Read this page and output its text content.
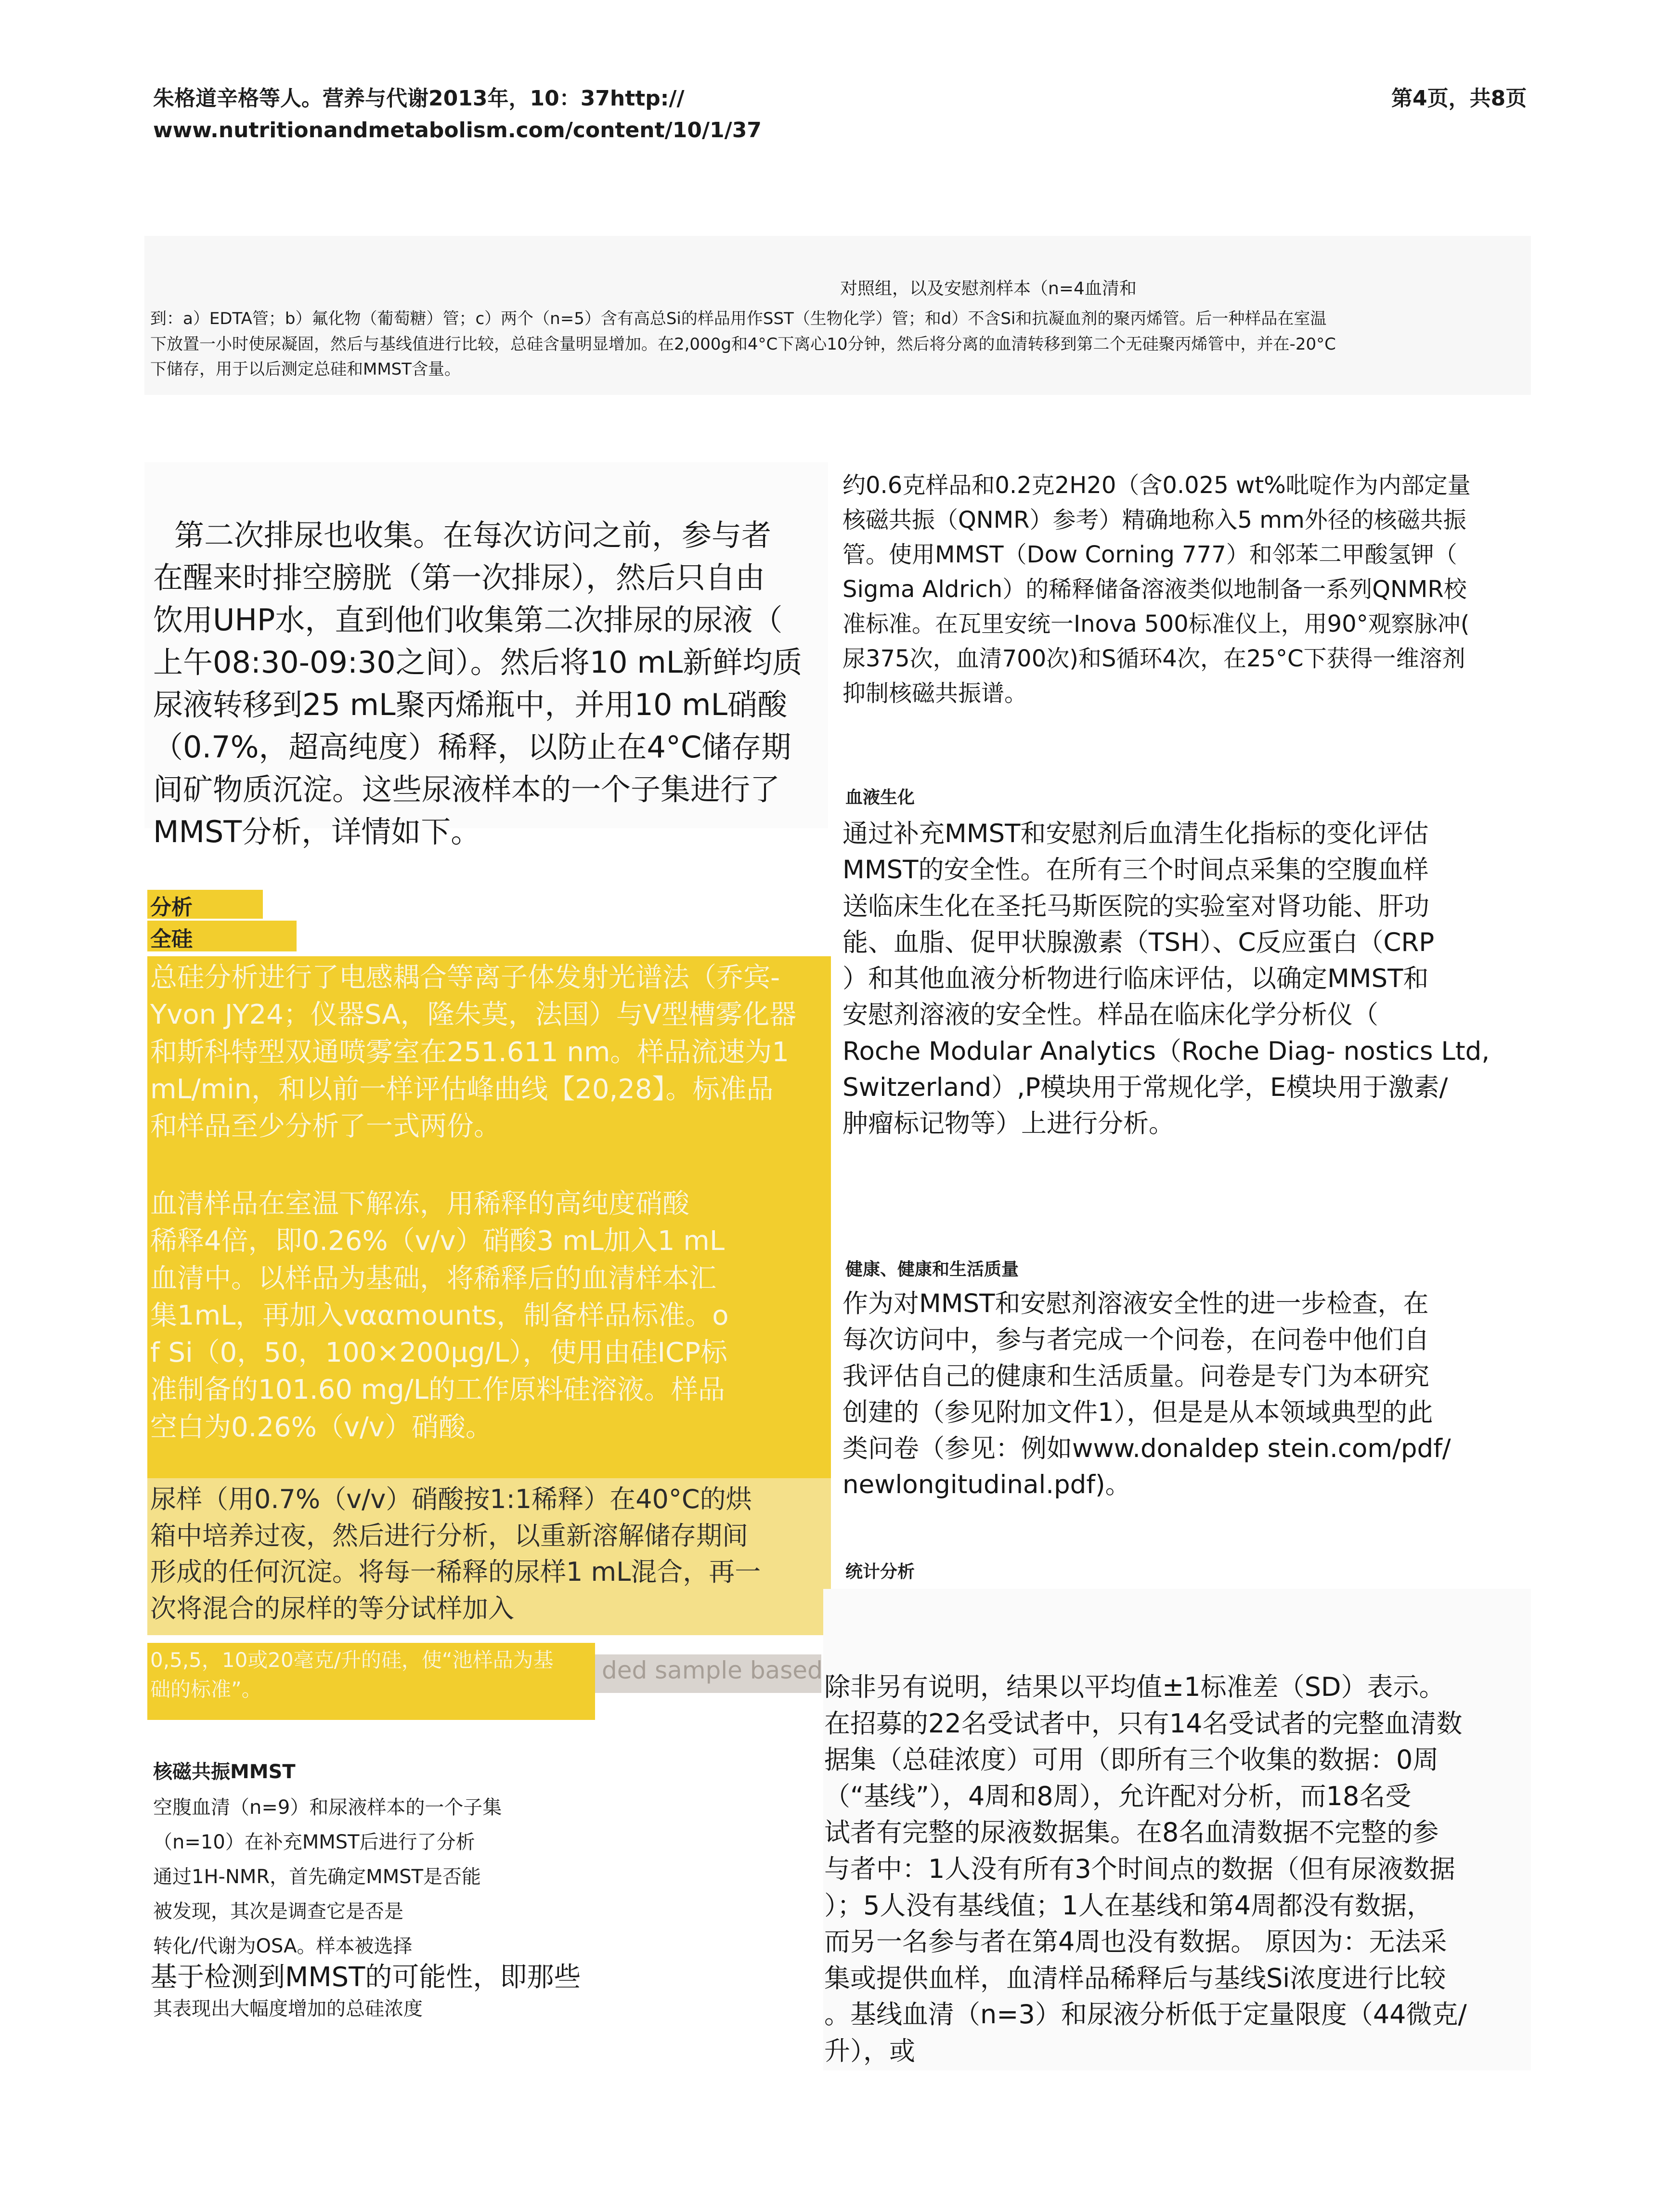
朱格道辛格等人。营养与代谢2013年，10：37http://
www.nutritionandmetabolism.com/content/10/1/37
第4页，共8页
对照组，以及安慰剂样本（n=4血清和
到：a）EDTA管；b）氟化物（葡萄糖）管；c）两个（n=5）含有高总Si的样品用作SST（生物化学）管；和d）不含Si和抗凝血剂的聚丙烯管。后一种样品在室温
下放置一小时使尿凝固，然后与基线值进行比较，总硅含量明显增加。在2,000g和4°C下离心10分钟，然后将分离的血清转移到第二个无硅聚丙烯管中，并在-20°C
下储存，用于以后测定总硅和MMST含量。
第二次排尿也收集。在每次访问之前，参与者
在醒来时排空膀胱（第一次排尿），然后只自由
饮用UHP水，直到他们收集第二次排尿的尿液（
上午08:30-09:30之间）。然后将10 mL新鲜均质
尿液转移到25 mL聚丙烯瓶中，并用10 mL硝酸
（0.7%，超高纯度）稀释，以防止在4°C储存期
间矿物质沉淀。这些尿液样本的一个子集进行了
MMST分析，详情如下。
分析
全硅
总硅分析进行了电感耦合等离子体发射光谱法（乔宾-
Yvon JY24；仪器SA，隆朱莫，法国）与V型槽雾化器
和斯科特型双通喷雾室在251.611 nm。样品流速为1
mL/min，和以前一样评估峰曲线【20,28】。标准品
和样品至少分析了一式两份。
血清样品在室温下解冻，用稀释的高纯度硝酸
稀释4倍，即0.26%（v/v）硝酸3 mL加入1 mL
血清中。以样品为基础，将稀释后的血清样本汇
集1mL，再加入vααmounts，制备样品标准。o
f Si（0，50，100×200μg/L），使用由硅ICP标
准制备的101.60 mg/L的工作原料硅溶液。样品
空白为0.26%（v/v）硝酸。
尿样（用0.7%（v/v）硝酸按1:1稀释）在40°C的烘
箱中培养过夜，然后进行分析，以重新溶解储存期间
形成的任何沉淀。将每一稀释的尿样1 mL混合，再一
次将混合的尿样的等分试样加入
ded sample based
0,5,5，10或20毫克/升的硅，使“池样品为基
础的标准”。
核磁共振MMST
空腹血清（n=9）和尿液样本的一个子集
（n=10）在补充MMST后进行了分析
通过1H-NMR，首先确定MMST是否能
被发现，其次是调查它是否是
转化/代谢为OSA。样本被选择
基于检测到MMST的可能性，即那些
其表现出大幅度增加的总硅浓度
约0.6克样品和0.2克2H20（含0.025 wt%吡啶作为内部定量
核磁共振（QNMR）参考）精确地称入5 mm外径的核磁共振
管。使用MMST（Dow Corning 777）和邻苯二甲酸氢钾（
Sigma Aldrich）的稀释储备溶液类似地制备一系列QNMR校
准标准。在瓦里安统一Inova 500标准仪上，用90°观察脉冲(
尿375次，血清700次)和S循环4次，在25°C下获得一维溶剂
抑制核磁共振谱。
血液生化
通过补充MMST和安慰剂后血清生化指标的变化评估
MMST的安全性。在所有三个时间点采集的空腹血样
送临床生化在圣托马斯医院的实验室对肾功能、肝功
能、血脂、促甲状腺激素（TSH）、C反应蛋白（CRP
）和其他血液分析物进行临床评估，以确定MMST和
安慰剂溶液的安全性。样品在临床化学分析仪（
Roche Modular Analytics（Roche Diag- nostics Ltd,
Switzerland）,P模块用于常规化学，E模块用于激素/
肿瘤标记物等）上进行分析。
健康、健康和生活质量
作为对MMST和安慰剂溶液安全性的进一步检查，在
每次访问中，参与者完成一个问卷，在问卷中他们自
我评估自己的健康和生活质量。问卷是专门为本研究
创建的（参见附加文件1），但是是从本领域典型的此
类问卷（参见：例如www.donaldep stein.com/pdf/
newlongitudinal.pdf)。
统计分析
除非另有说明，结果以平均值±1标准差（SD）表示。
在招募的22名受试者中，只有14名受试者的完整血清数
据集（总硅浓度）可用（即所有三个收集的数据：0周
（“基线”），4周和8周），允许配对分析，而18名受
试者有完整的尿液数据集。在8名血清数据不完整的参
与者中：1人没有所有3个时间点的数据（但有尿液数据
）；5人没有基线值；1人在基线和第4周都没有数据，
而另一名参与者在第4周也没有数据。 原因为：无法采
集或提供血样，血清样品稀释后与基线Si浓度进行比较
。基线血清（n=3）和尿液分析低于定量限度（44微克/
升），或
